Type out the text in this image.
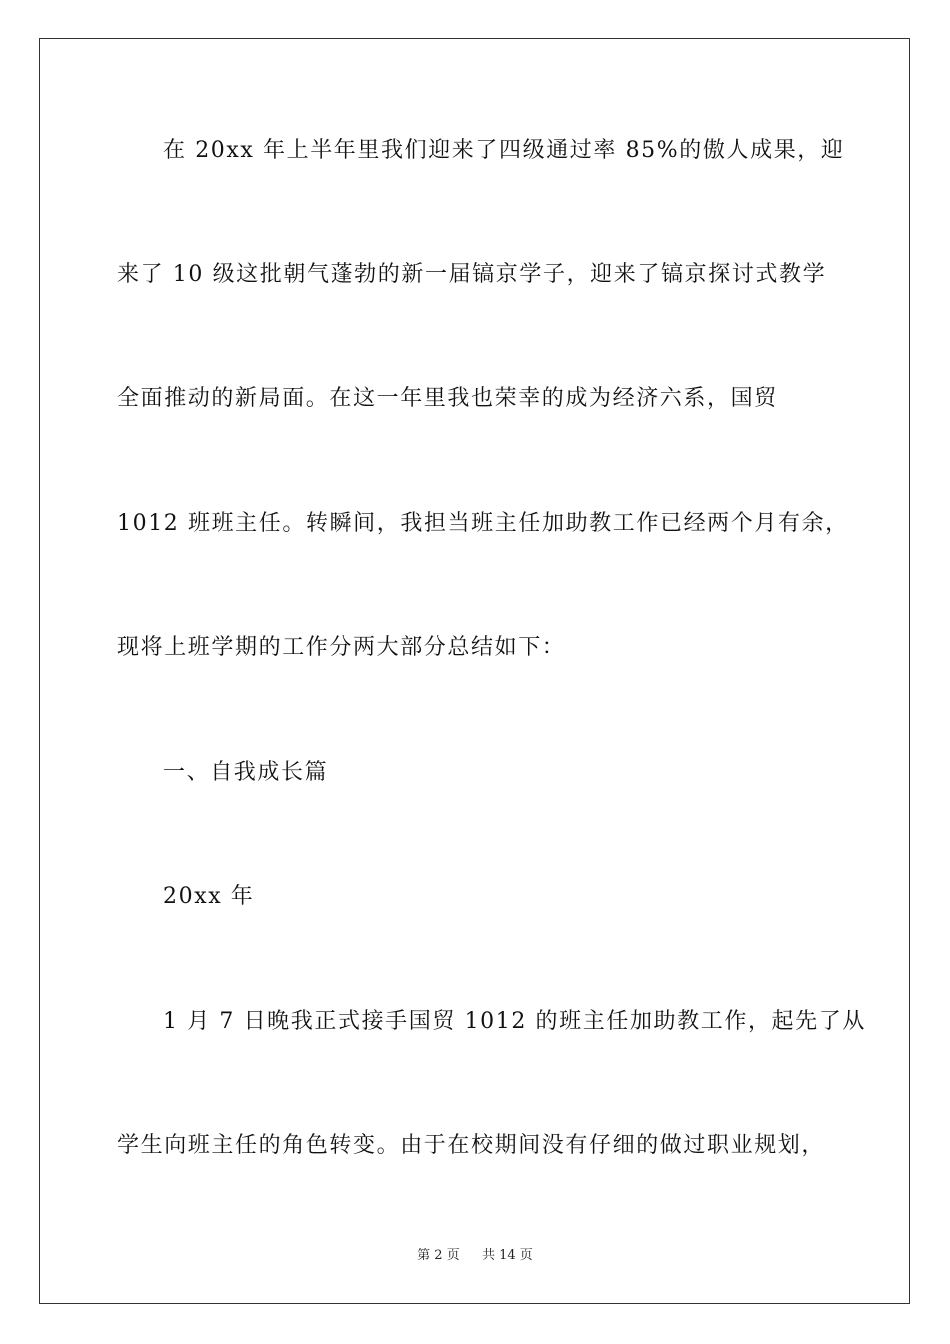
在 20xx 年上半年里我们迎来了四级通过率 85%的傲人成果，迎
来了 10 级这批朝气蓬勃的新一届镐京学子，迎来了镐京探讨式教学
全面推动的新局面。在这一年里我也荣幸的成为经济六系，国贸
1012 班班主任。转瞬间，我担当班主任加助教工作已经两个月有余，
现将上班学期的工作分两大部分总结如下：
一、自我成长篇
20xx 年
1 月 7 日晚我正式接手国贸 1012 的班主任加助教工作，起先了从
学生向班主任的角色转变。由于在校期间没有仔细的做过职业规划，
第 2 页 共 14 页
